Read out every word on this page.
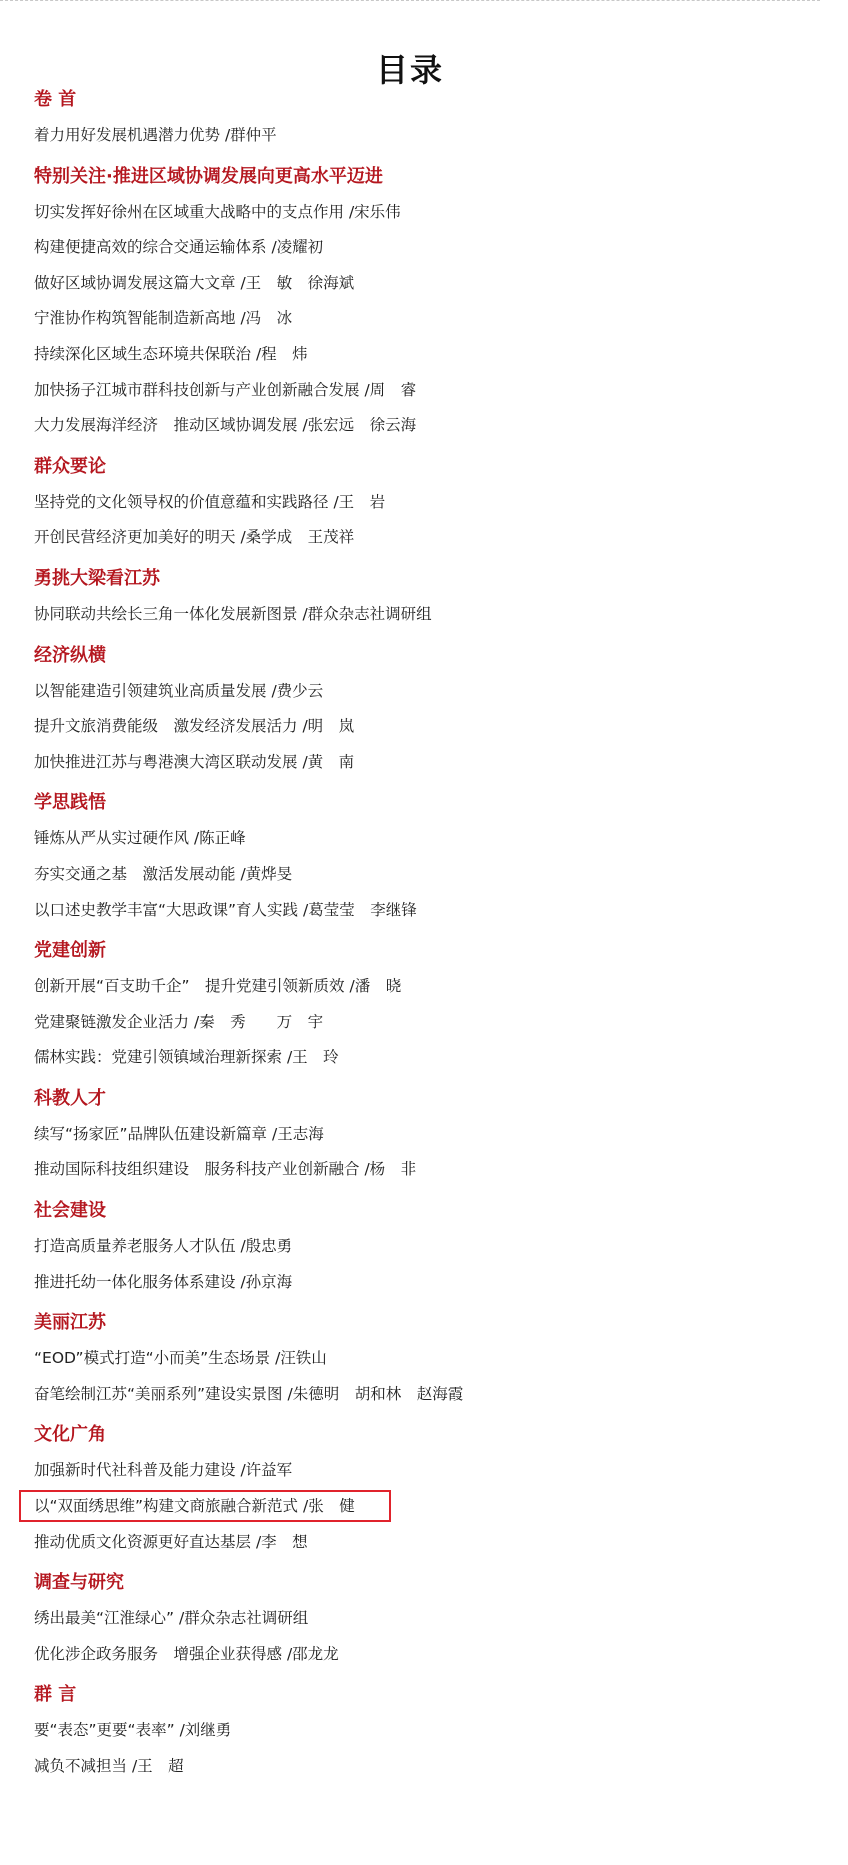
目录
卷 首
着力用好发展机遇潜力优势 /群仲平
特别关注·推进区域协调发展向更高水平迈进
切实发挥好徐州在区域重大战略中的支点作用 /宋乐伟
构建便捷高效的综合交通运输体系 /凌耀初
做好区域协调发展这篇大文章 /王　敏　徐海斌
宁淮协作构筑智能制造新高地 /冯　冰
持续深化区域生态环境共保联治 /程　炜
加快扬子江城市群科技创新与产业创新融合发展 /周　睿
大力发展海洋经济　推动区域协调发展 /张宏远　徐云海
群众要论
坚持党的文化领导权的价值意蕴和实践路径 /王　岩
开创民营经济更加美好的明天 /桑学成　王茂祥
勇挑大梁看江苏
协同联动共绘长三角一体化发展新图景 /群众杂志社调研组
经济纵横
以智能建造引领建筑业高质量发展 /费少云
提升文旅消费能级　激发经济发展活力 /明　岚
加快推进江苏与粤港澳大湾区联动发展 /黄　南
学思践悟
锤炼从严从实过硬作风 /陈正峰
夯实交通之基　激活发展动能 /黄烨旻
以口述史教学丰富“大思政课”育人实践 /葛莹莹　李继锋
党建创新
创新开展“百支助千企”　提升党建引领新质效 /潘　晓
党建聚链激发企业活力 /秦　秀　　万　宇
儒林实践：党建引领镇域治理新探索 /王　玲
科教人才
续写“扬家匠”品牌队伍建设新篇章 /王志海
推动国际科技组织建设　服务科技产业创新融合 /杨　非
社会建设
打造高质量养老服务人才队伍 /殷忠勇
推进托幼一体化服务体系建设 /孙京海
美丽江苏
“EOD”模式打造“小而美”生态场景 /汪铁山
奋笔绘制江苏“美丽系列”建设实景图 /朱德明　胡和林　赵海霞
文化广角
加强新时代社科普及能力建设 /许益军
以“双面绣思维”构建文商旅融合新范式 /张　健
推动优质文化资源更好直达基层 /李　想
调查与研究
绣出最美“江淮绿心” /群众杂志社调研组
优化涉企政务服务　增强企业获得感 /邵龙龙
群 言
要“表态”更要“表率” /刘继勇
减负不减担当 /王　超
